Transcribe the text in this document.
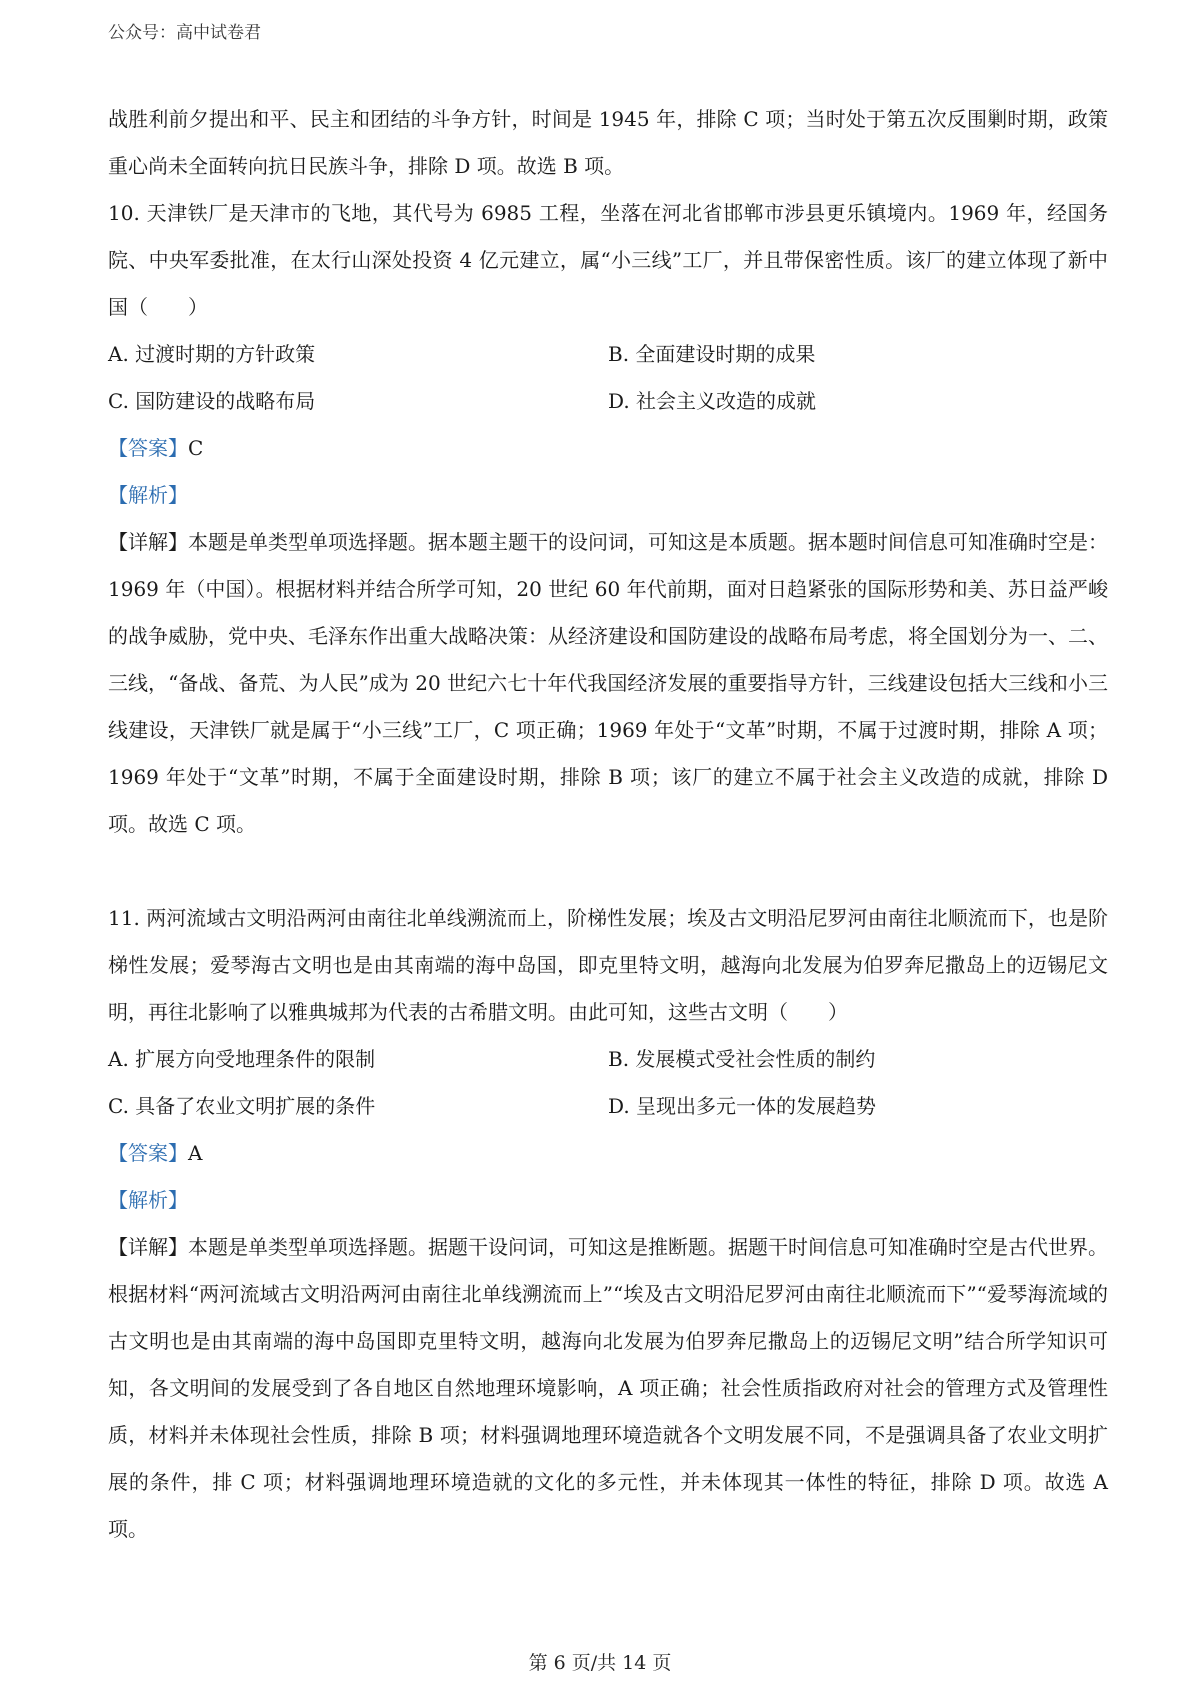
公众号：高中试卷君

战胜利前夕提出和平、民主和团结的斗争方针，时间是 1945 年，排除 C 项；当时处于第五次反围剿时期，政策重心尚未全面转向抗日民族斗争，排除 D 项。故选 B 项。

10. 天津铁厂是天津市的飞地，其代号为 6985 工程，坐落在河北省邯郸市涉县更乐镇境内。1969 年，经国务院、中央军委批准，在太行山深处投资 4 亿元建立，属“小三线”工厂，并且带保密性质。该厂的建立体现了新中国（　　）

A. 过渡时期的方针政策	B. 全面建设时期的成果
C. 国防建设的战略布局	D. 社会主义改造的成就

【答案】C

【解析】

【详解】本题是单类型单项选择题。据本题主题干的设问词，可知这是本质题。据本题时间信息可知准确时空是：1969 年（中国）。根据材料并结合所学可知，20 世纪 60 年代前期，面对日趋紧张的国际形势和美、苏日益严峻的战争威胁，党中央、毛泽东作出重大战略决策：从经济建设和国防建设的战略布局考虑，将全国划分为一、二、三线，“备战、备荒、为人民”成为 20 世纪六七十年代我国经济发展的重要指导方针，三线建设包括大三线和小三线建设，天津铁厂就是属于“小三线”工厂，C 项正确；1969 年处于“文革”时期，不属于过渡时期，排除 A 项；1969 年处于“文革”时期，不属于全面建设时期，排除 B 项；该厂的建立不属于社会主义改造的成就，排除 D 项。故选 C 项。

11. 两河流域古文明沿两河由南往北单线溯流而上，阶梯性发展；埃及古文明沿尼罗河由南往北顺流而下，也是阶梯性发展；爱琴海古文明也是由其南端的海中岛国，即克里特文明，越海向北发展为伯罗奔尼撒岛上的迈锡尼文明，再往北影响了以雅典城邦为代表的古希腊文明。由此可知，这些古文明（　　）

A. 扩展方向受地理条件的限制	B. 发展模式受社会性质的制约
C. 具备了农业文明扩展的条件	D. 呈现出多元一体的发展趋势

【答案】A

【解析】

【详解】本题是单类型单项选择题。据题干设问词，可知这是推断题。据题干时间信息可知准确时空是古代世界。根据材料“两河流域古文明沿两河由南往北单线溯流而上”“埃及古文明沿尼罗河由南往北顺流而下”“爱琴海流域的古文明也是由其南端的海中岛国即克里特文明，越海向北发展为伯罗奔尼撒岛上的迈锡尼文明”结合所学知识可知，各文明间的发展受到了各自地区自然地理环境影响，A 项正确；社会性质指政府对社会的管理方式及管理性质，材料并未体现社会性质，排除 B 项；材料强调地理环境造就各个文明发展不同，不是强调具备了农业文明扩展的条件，排 C 项；材料强调地理环境造就的文化的多元性，并未体现其一体性的特征，排除 D 项。故选 A 项。

第 6 页/共 14 页
